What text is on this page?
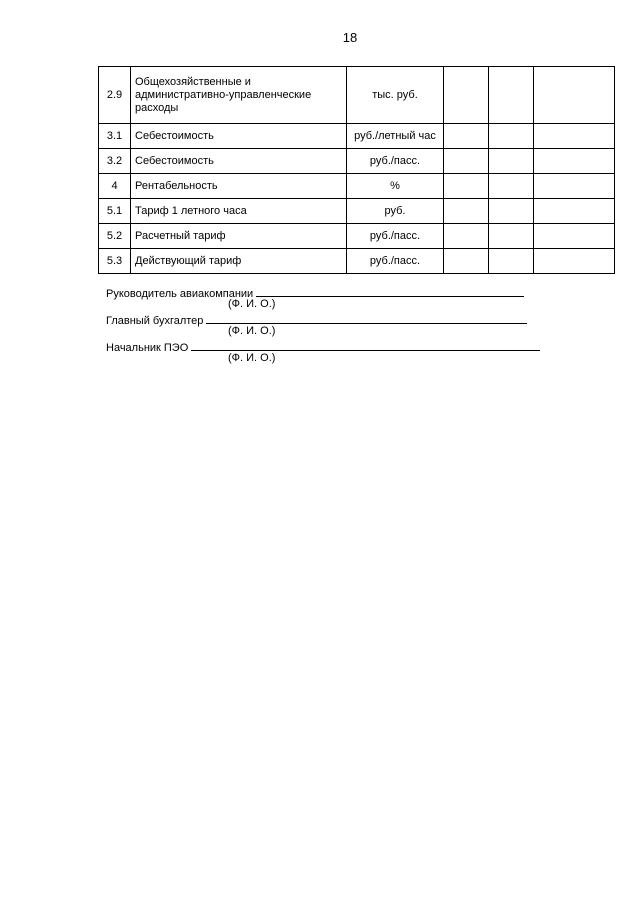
18
2.9	Общехозяйственные и административно-управленческие расходы	тыс. руб.			
3.1	Себестоимость	руб./летный час			
3.2	Себестоимость	руб./пасс.			
4	Рентабельность	%			
5.1	Тариф 1 летного часа	руб.			
5.2	Расчетный тариф	руб./пасс.			
5.3	Действующий тариф	руб./пасс.			
Руководитель авиакомпании
(Ф. И. О.)
Главный бухгалтер
(Ф. И. О.)
Начальник ПЭО
(Ф. И. О.)
